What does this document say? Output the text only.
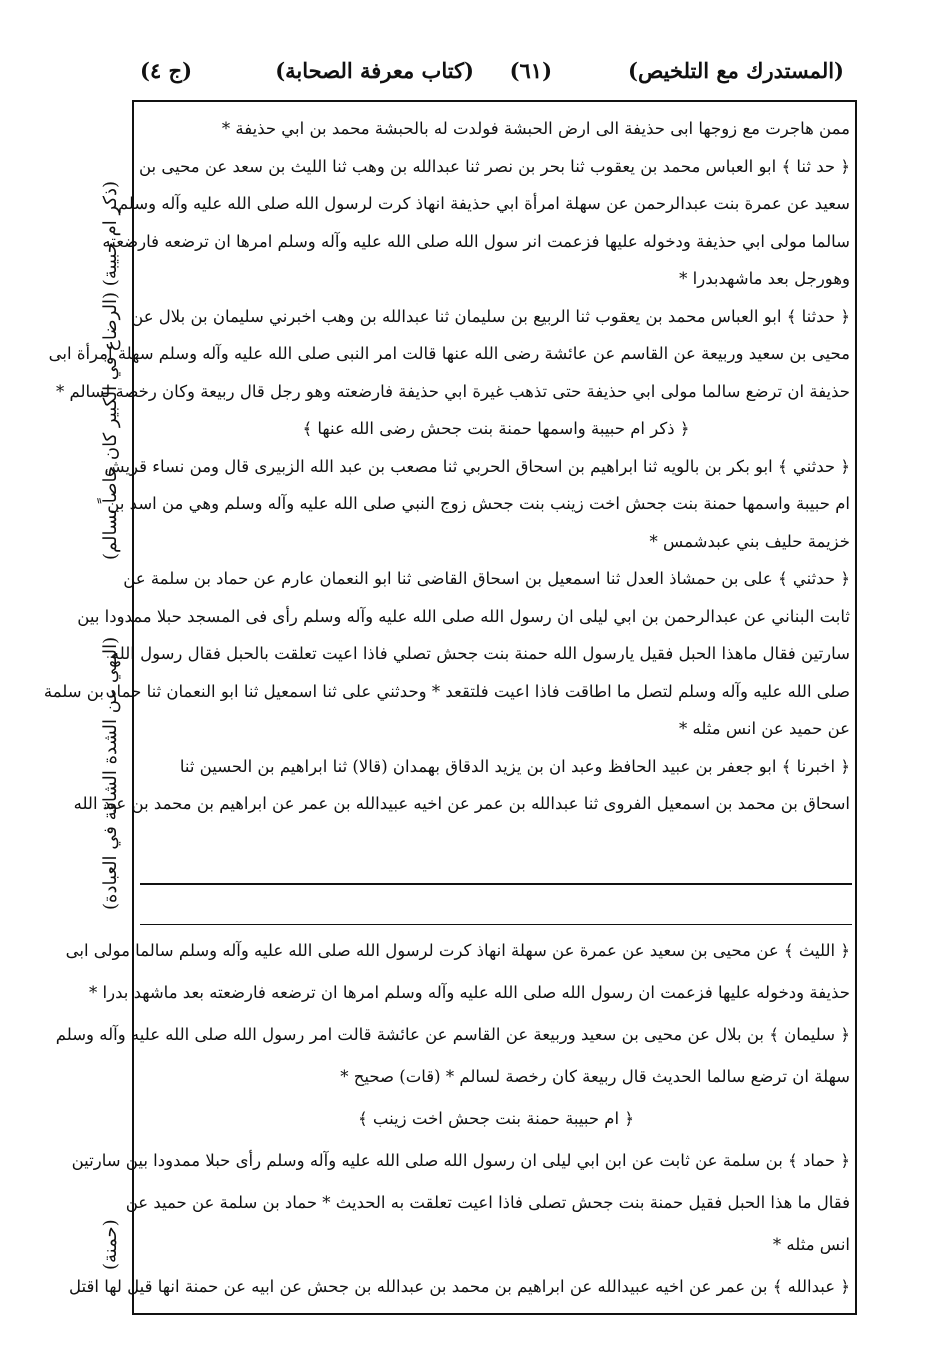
(المستدرك مع التلخيص)
(٦١)
(كتاب معرفة الصحابة)
(ج ٤)
ممن هاجرت مع زوجها ابى حذيفة الى ارض الحبشة فولدت له بالحبشة محمد بن ابي حذيفة *
﴿ حد ثنا ﴾ ابو العباس محمد بن يعقوب ثنا بحر بن نصر ثنا عبدالله بن وهب ثنا الليث بن سعد عن محيى بن
سعيد عن عمرة بنت عبدالرحمن عن سهلة امرأة ابي حذيفة انهاذ كرت لرسول الله صلى الله عليه وآله وسلم
سالما مولى ابي حذيفة ودخوله عليها فزعمت انر سول الله صلى الله عليه وآله وسلم امرها ان ترضعه فارضعته
وهورجل بعد ماشهدبدرا *
﴿ حدثنا ﴾ ابو العباس محمد بن يعقوب ثنا الربيع بن سليمان ثنا عبدالله بن وهب اخبرني سليمان بن بلال عن
محيى بن سعيد وربيعة عن القاسم عن عائشة رضى الله عنها قالت امر النبى صلى الله عليه وآله وسلم سهلة امرأة ابى
حذيفة ان ترضع سالما مولى ابي حذيفة حتى تذهب غيرة ابي حذيفة فارضعته وهو رجل قال ربيعة وكان رخصة لسالم *
﴿ ذكر ام حبيبة واسمها حمنة بنت جحش رضى الله عنها ﴾
﴿ حدثني ﴾ ابو بكر بن بالويه ثنا ابراهيم بن اسحاق الحربي ثنا مصعب بن عبد الله الزبيرى قال ومن نساء قريش
ام حبيبة واسمها حمنة بنت جحش اخت زينب بنت جحش زوج النبي صلى الله عليه وآله وسلم وهي من اسد بن
خزيمة حليف بني عبدشمس *
﴿ حدثني ﴾ على بن حمشاذ العدل ثنا اسمعيل بن اسحاق القاضى ثنا ابو النعمان عارم عن حماد بن سلمة عن
ثابت البناني عن عبدالرحمن بن ابي ليلى ان رسول الله صلى الله عليه وآله وسلم رأى فى المسجد حبلا ممدودا بين
سارتين فقال ماهذا الحبل فقيل يارسول الله حمنة بنت جحش تصلي فاذا اعيت تعلقت بالحبل فقال رسول الله
صلى الله عليه وآله وسلم لتصل ما اطاقت فاذا اعيت فلتقعد * وحدثني على ثنا اسمعيل ثنا ابو النعمان ثنا حماد بن سلمة
عن حميد عن انس مثله *
﴿ اخبرنا ﴾ ابو جعفر بن عبيد الحافظ وعبد ان بن يزيد الدقاق بهمدان (قالا) ثنا ابراهيم بن الحسين ثنا
اسحاق بن محمد بن اسمعيل الفروى ثنا عبدالله بن عمر عن اخيه عبيدالله بن عمر عن ابراهيم بن محمد بن عبد الله
﴿ الليث ﴾ عن محيى بن سعيد عن عمرة عن سهلة انهاذ كرت لرسول الله صلى الله عليه وآله وسلم سالما مولى ابى
حذيفة ودخوله عليها فزعمت ان رسول الله صلى الله عليه وآله وسلم امرها ان ترضعه فارضعته بعد ماشهد بدرا *
﴿ سليمان ﴾ بن بلال عن محيى بن سعيد وربيعة عن القاسم عن عائشة قالت امر رسول الله صلى الله عليه وآله وسلم
سهلة ان ترضع سالما الحديث قال ربيعة كان رخصة لسالم * (قات) صحيح *
﴿ ام حبيبة حمنة بنت جحش اخت زينب ﴾
﴿ حماد ﴾ بن سلمة عن ثابت عن ابن ابي ليلى ان رسول الله صلى الله عليه وآله وسلم رأى حبلا ممدودا بين سارتين
فقال ما هذا الحبل فقيل حمنة بنت جحش تصلى فاذا اعيت تعلقت به الحديث * حماد بن سلمة عن حميد عن
انس مثله *
﴿ عبدالله ﴾ بن عمر عن اخيه عبيدالله عن ابراهيم بن محمد بن عبدالله بن جحش عن ابيه عن حمنة انها قيل لها اقتل
(الرضاع في الكبير كان خاصاً بسالم) (ذكر ام حبيبة)
(النهي عن الشدة الشاقة في العبادة)
(حمنة)
